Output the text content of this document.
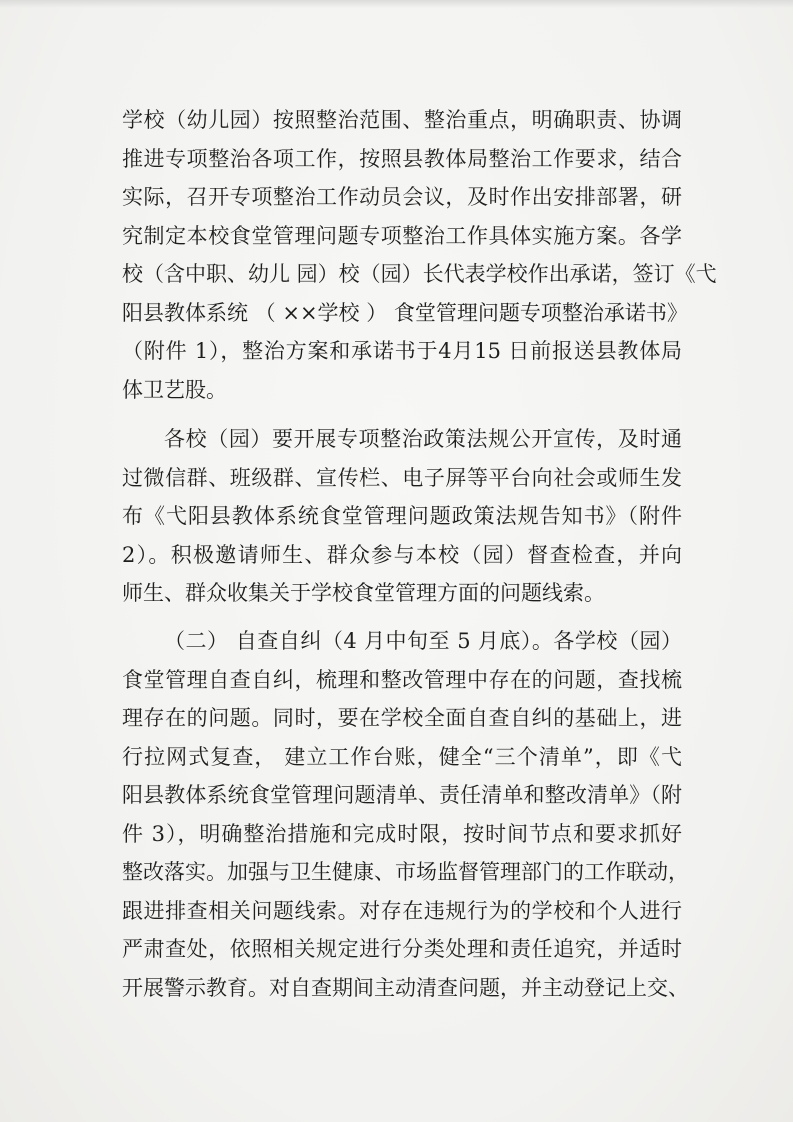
学校（幼儿园）按照整治范围、整治重点，明确职责、协调
推进专项整治各项工作，按照县教体局整治工作要求，结合
实际，召开专项整治工作动员会议，及时作出安排部署，研
究制定本校食堂管理问题专项整治工作具体实施方案。各学
校（含中职、幼儿 园）校（园）长代表学校作出承诺，签订《弋
阳县教体系统 （ ××学校 ） 食堂管理问题专项整治承诺书》
（附件 1），整治方案和承诺书于4月15 日前报送县教体局
体卫艺股。
各校（园）要开展专项整治政策法规公开宣传，及时通
过微信群、班级群、宣传栏、电子屏等平台向社会或师生发
布《弋阳县教体系统食堂管理问题政策法规告知书》（附件
2）。积极邀请师生、群众参与本校（园）督查检查，并向
师生、群众收集关于学校食堂管理方面的问题线索。
（二） 自查自纠（4 月中旬至 5 月底）。各学校（园）
食堂管理自查自纠，梳理和整改管理中存在的问题，查找梳
理存在的问题。同时，要在学校全面自查自纠的基础上，进
行拉网式复查， 建立工作台账，健全“三个清单”，即《弋
阳县教体系统食堂管理问题清单、责任清单和整改清单》（附
件 3），明确整治措施和完成时限，按时间节点和要求抓好
整改落实。加强与卫生健康、市场监督管理部门的工作联动，
跟进排查相关问题线索。对存在违规行为的学校和个人进行
严肃查处，依照相关规定进行分类处理和责任追究，并适时
开展警示教育。对自查期间主动清查问题，并主动登记上交、
